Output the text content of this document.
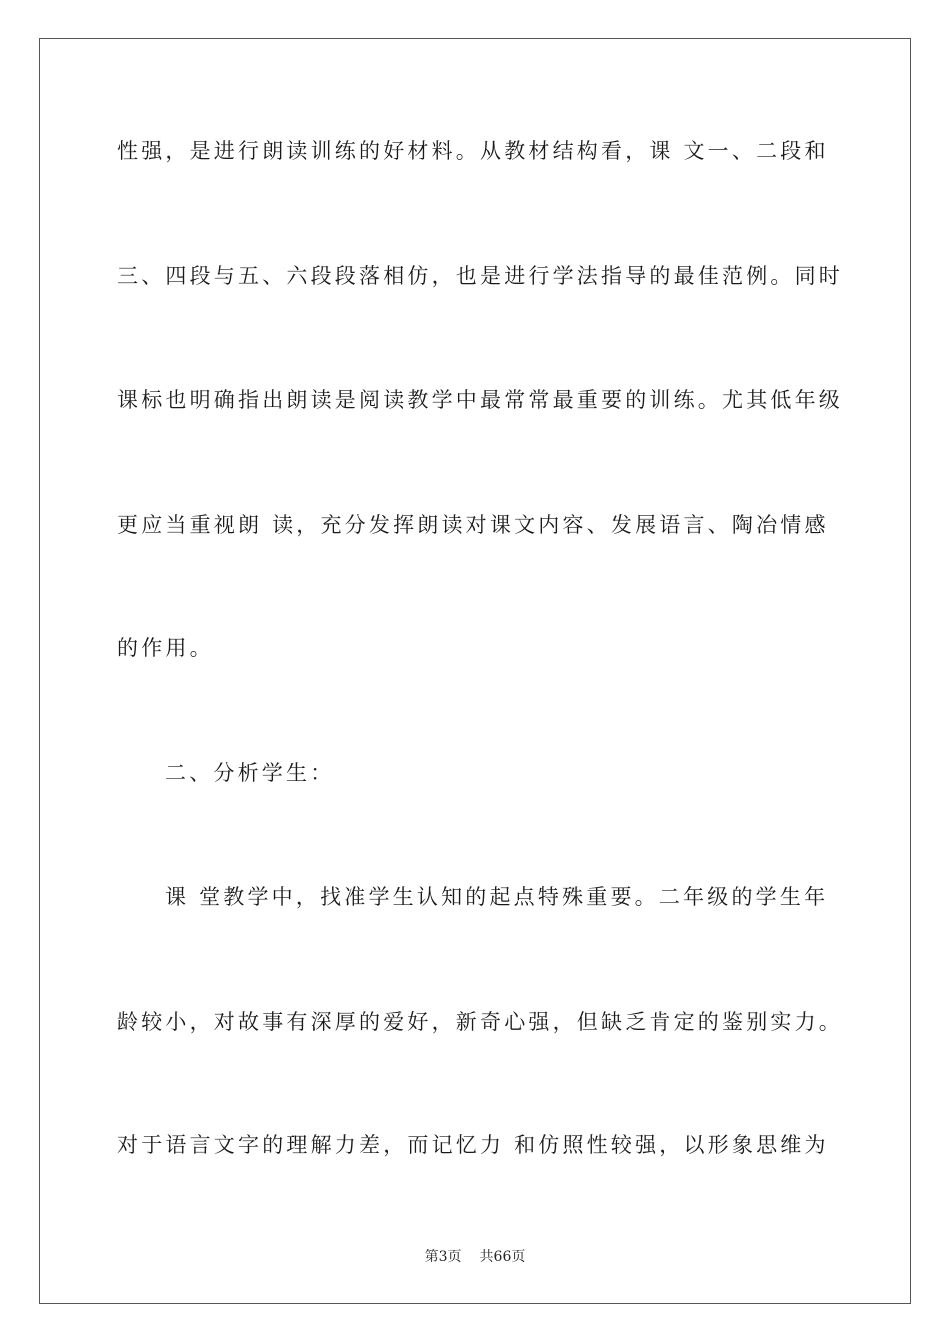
性强，是进行朗读训练的好材料。从教材结构看，课 文一、二段和
三、四段与五、六段段落相仿，也是进行学法指导的最佳范例。同时
课标也明确指出朗读是阅读教学中最常常最重要的训练。尤其低年级
更应当重视朗 读，充分发挥朗读对课文内容、发展语言、陶冶情感
的作用。
二、分析学生：
课 堂教学中，找准学生认知的起点特殊重要。二年级的学生年
龄较小，对故事有深厚的爱好，新奇心强，但缺乏肯定的鉴别实力。
对于语言文字的理解力差，而记忆力 和仿照性较强，以形象思维为
第3页 共66页
